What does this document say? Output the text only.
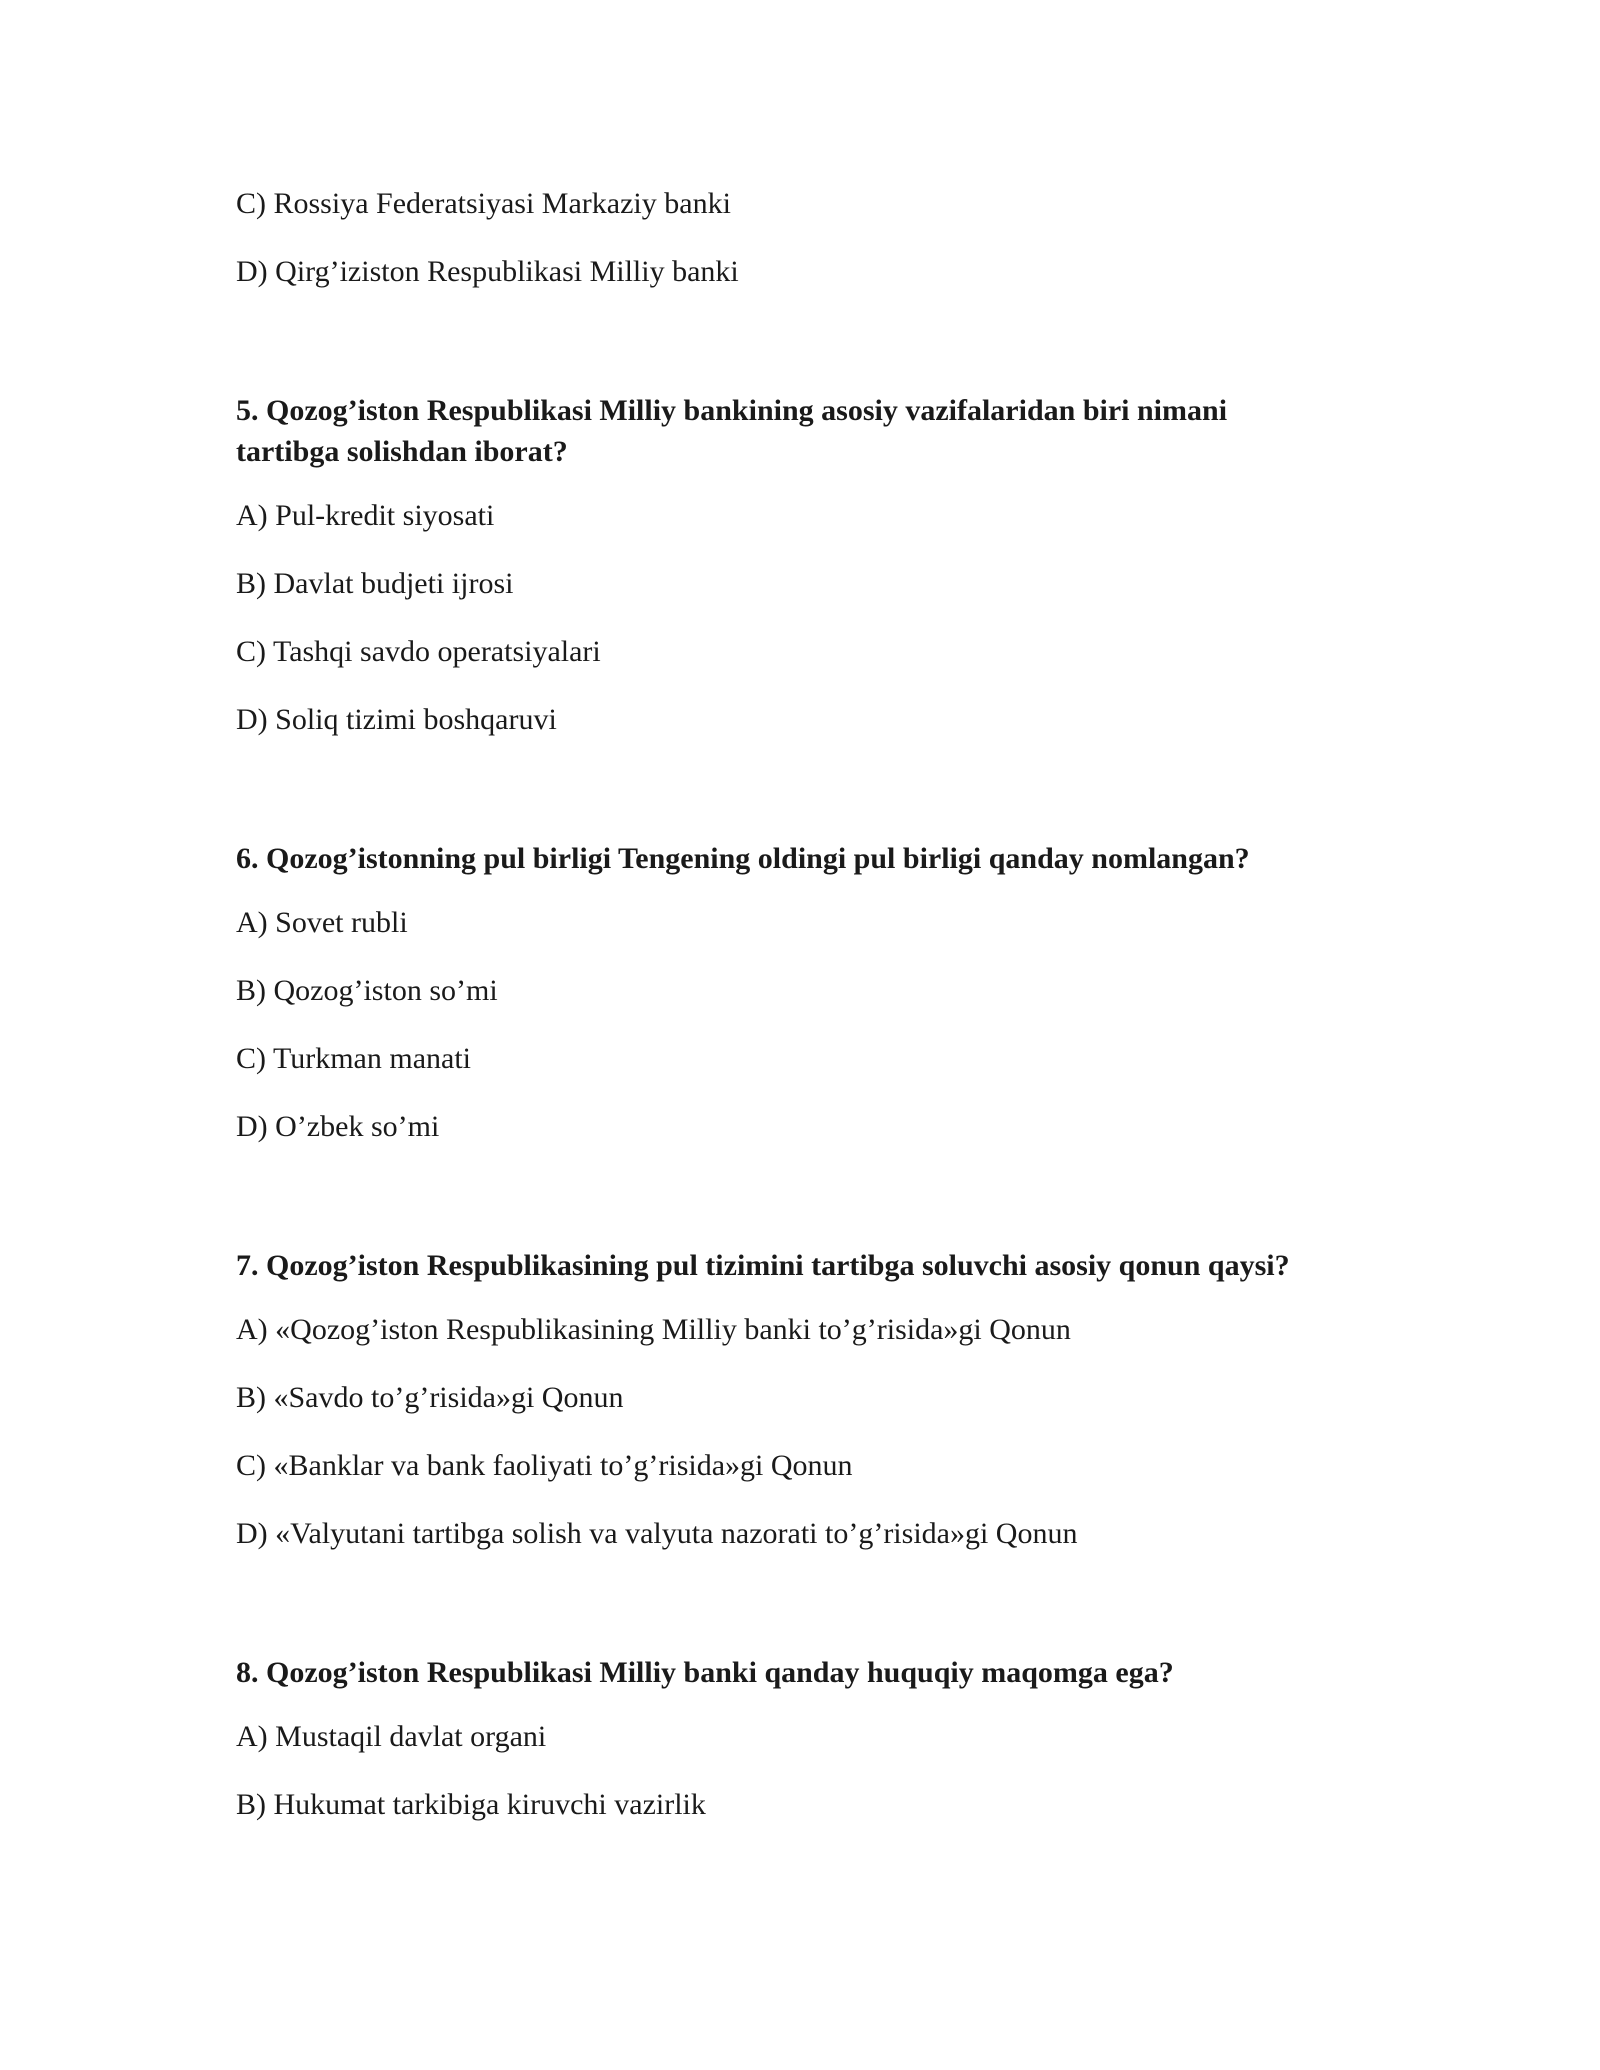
C) Rossiya Federatsiyasi Markaziy banki
D) Qirg’iziston Respublikasi Milliy banki
5. Qozog’iston Respublikasi Milliy bankining asosiy vazifalaridan biri nimani tartibga solishdan iborat?
A) Pul-kredit siyosati
B) Davlat budjeti ijrosi
C) Tashqi savdo operatsiyalari
D) Soliq tizimi boshqaruvi
6. Qozog’istonning pul birligi Tengening oldingi pul birligi qanday nomlangan?
A) Sovet rubli
B) Qozog’iston so’mi
C) Turkman manati
D) O’zbek so’mi
7. Qozog’iston Respublikasining pul tizimini tartibga soluvchi asosiy qonun qaysi?
A) «Qozog’iston Respublikasining Milliy banki to’g’risida»gi Qonun
B) «Savdo to’g’risida»gi Qonun
C) «Banklar va bank faoliyati to’g’risida»gi Qonun
D) «Valyutani tartibga solish va valyuta nazorati to’g’risida»gi Qonun
8. Qozog’iston Respublikasi Milliy banki qanday huquqiy maqomga ega?
A) Mustaqil davlat organi
B) Hukumat tarkibiga kiruvchi vazirlik
